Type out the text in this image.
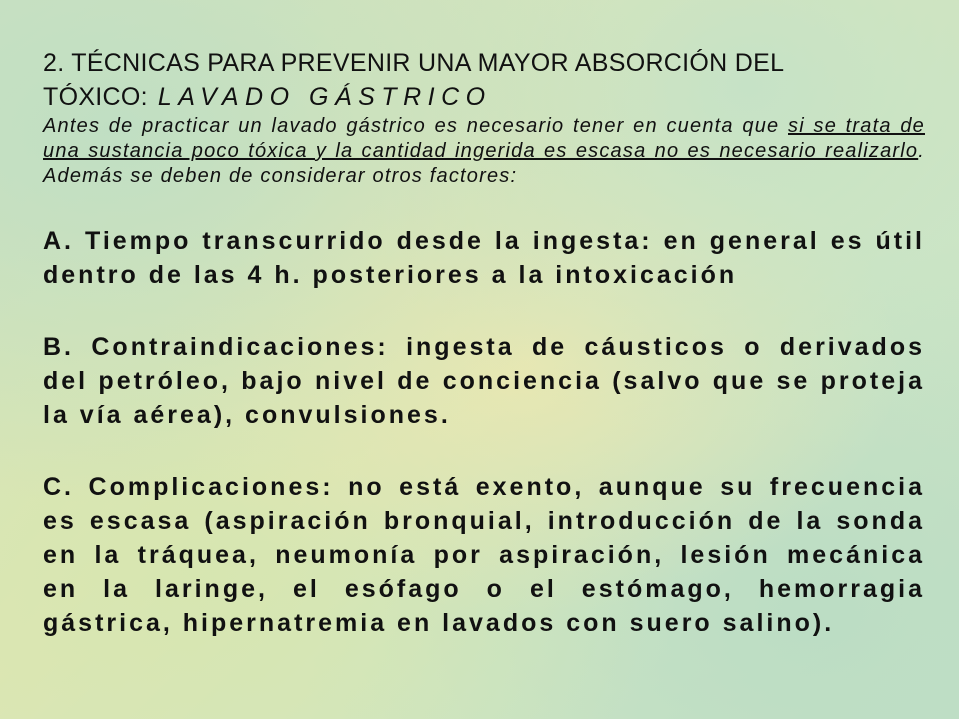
2. TÉCNICAS PARA PREVENIR UNA MAYOR ABSORCIÓN DEL TÓXICO: LAVADO GÁSTRICO

Antes de practicar un lavado gástrico es necesario tener en cuenta que si se trata de una sustancia poco tóxica y la cantidad ingerida es escasa no es necesario realizarlo. Además se deben de considerar otros factores:

A. Tiempo transcurrido desde la ingesta: en general es útil dentro de las 4 h. posteriores a la intoxicación

B. Contraindicaciones: ingesta de cáusticos o derivados del petróleo, bajo nivel de conciencia (salvo que se proteja la vía aérea), convulsiones.

C. Complicaciones: no está exento, aunque su frecuencia es escasa (aspiración bronquial, introducción de la sonda en la tráquea, neumonía por aspiración, lesión mecánica en la laringe, el esófago o el estómago, hemorragia gástrica, hipernatremia en lavados con suero salino).
